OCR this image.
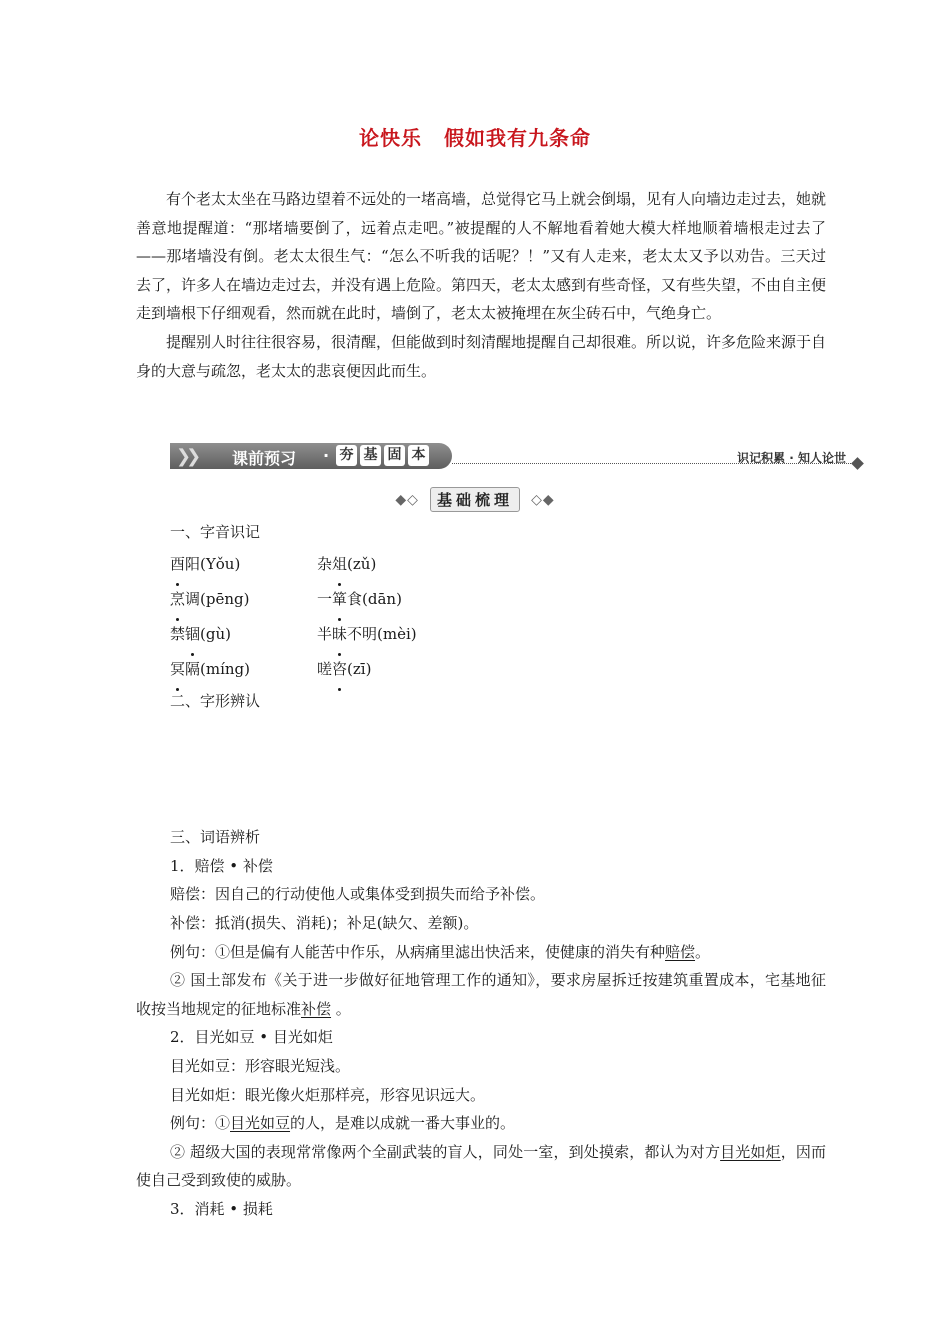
论快乐 假如我有九条命

有个老太太坐在马路边望着不远处的一堵高墙，总觉得它马上就会倒塌，见有人向墙边走过去，她就善意地提醒道：“那堵墙要倒了，远着点走吧。”被提醒的人不解地看着她大模大样地顺着墙根走过去了——那堵墙没有倒。老太太很生气：“怎么不听我的话呢？！”又有人走来，老太太又予以劝告。三天过去了，许多人在墙边走过去，并没有遇上危险。第四天，老太太感到有些奇怪，又有些失望，不由自主便走到墙根下仔细观看，然而就在此时，墙倒了，老太太被掩埋在灰尘砖石中，气绝身亡。

提醒别人时往往很容易，很清醒，但能做到时刻清醒地提醒自己却很难。所以说，许多危险来源于自身的大意与疏忽，老太太的悲哀便因此而生。

❯❯ 课前预习 · 夯 基 固 本	识记积累 · 知人论世
◆◇ 基础梳理 ◇◆
一、字音识记
酉阳(Yǒu)	杂俎(zǔ)
烹调(pēng)	一箪食(dān)
禁锢(gù)	半昧不明(mèi)
冥隔(míng)	嗟咨(zī)
二、字形辨认
三、词语辨析
1．赔偿 • 补偿
赔偿：因自己的行动使他人或集体受到损失而给予补偿。
补偿：抵消(损失、消耗)；补足(缺欠、差额)。
例句：①但是偏有人能苦中作乐，从病痛里滤出快活来，使健康的消失有种赔偿。
② 国土部发布《关于进一步做好征地管理工作的通知》，要求房屋拆迁按建筑重置成本，宅基地征收按当地规定的征地标准补偿 。
2．目光如豆 • 目光如炬
目光如豆：形容眼光短浅。
目光如炬：眼光像火炬那样亮，形容见识远大。
例句：①目光如豆的人，是难以成就一番大事业的。
② 超级大国的表现常常像两个全副武装的盲人，同处一室，到处摸索，都认为对方目光如炬，因而使自己受到致使的威胁。
3．消耗 • 损耗
